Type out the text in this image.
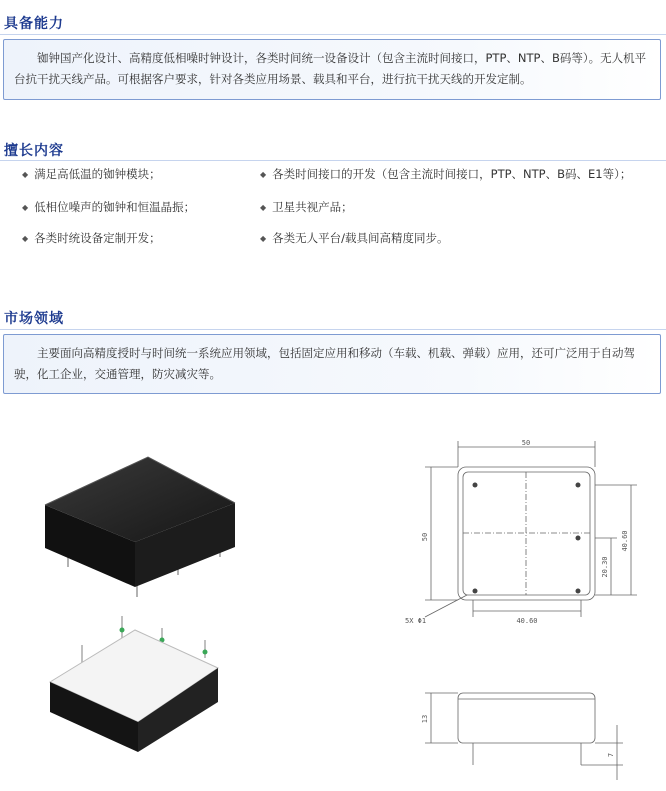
具备能力

铷钟国产化设计、高精度低相噪时钟设计，各类时间统一设备设计（包含主流时间接口，PTP、NTP、B码等）。无人机平台抗干扰天线产品。可根据客户要求，针对各类应用场景、载具和平台，进行抗干扰天线的开发定制。

擅长内容
◆ 满足高低温的铷钟模块；	◆ 各类时间接口的开发（包含主流时间接口，PTP、NTP、B码、E1等）；
◆ 低相位噪声的铷钟和恒温晶振；	◆ 卫星共视产品；
◆ 各类时统设备定制开发；	◆ 各类无人平台/载具间高精度同步。
市场领域

主要面向高精度授时与时间统一系统应用领域，包括固定应用和移动（车载、机载、弹载）应用，还可广泛用于自动驾驶，化工企业，交通管理，防灾减灾等。

50
50	40.60
20.30
40.60
5X Φ1
13
7
